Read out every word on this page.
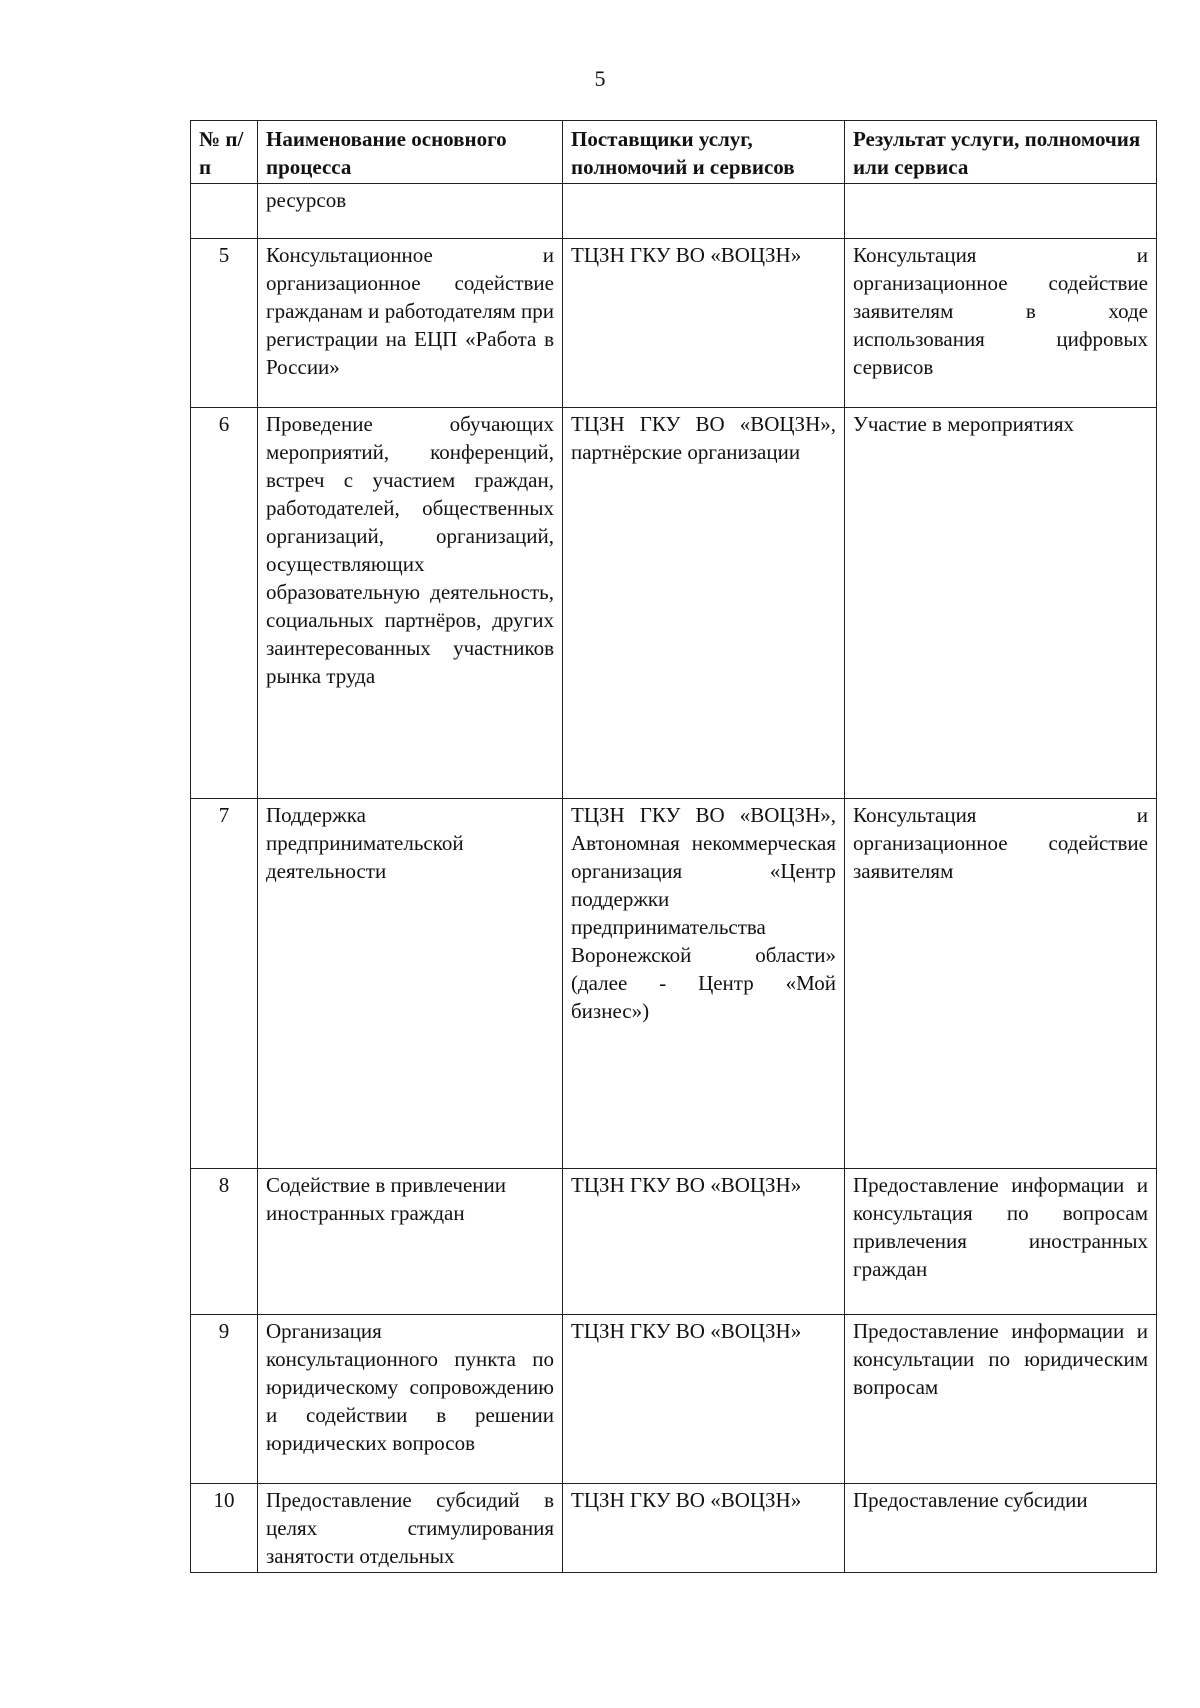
5
№ п/п	Наименование основного процесса	Поставщики услуг, полномочий и сервисов	Результат услуги, полномочия или сервиса
	ресурсов		
5	Консультационное и организационное содействие гражданам и работодателям при регистрации на ЕЦП «Работа в России»	ТЦЗН ГКУ ВО «ВОЦЗН»	Консультация и организационное содействие заявителям в ходе использования цифровых сервисов
6	Проведение обучающих мероприятий, конференций, встреч с участием граждан, работодателей, общественных организаций, организаций, осуществляющих образовательную деятельность, социальных партнёров, других заинтересованных участников рынка труда	ТЦЗН ГКУ ВО «ВОЦЗН», партнёрские организации	Участие в мероприятиях
7	Поддержка предпринимательской деятельности	ТЦЗН ГКУ ВО «ВОЦЗН», Автономная некоммерческая организация «Центр поддержки предпринимательства Воронежской области» (далее - Центр «Мой бизнес»)	Консультация и организационное содействие заявителям
8	Содействие в привлечении иностранных граждан	ТЦЗН ГКУ ВО «ВОЦЗН»	Предоставление информации и консультация по вопросам привлечения иностранных граждан
9	Организация консультационного пункта по юридическому сопровождению и содействии в решении юридических вопросов	ТЦЗН ГКУ ВО «ВОЦЗН»	Предоставление информации и консультации по юридическим вопросам
10	Предоставление субсидий в целях стимулирования занятости отдельных	ТЦЗН ГКУ ВО «ВОЦЗН»	Предоставление субсидии
